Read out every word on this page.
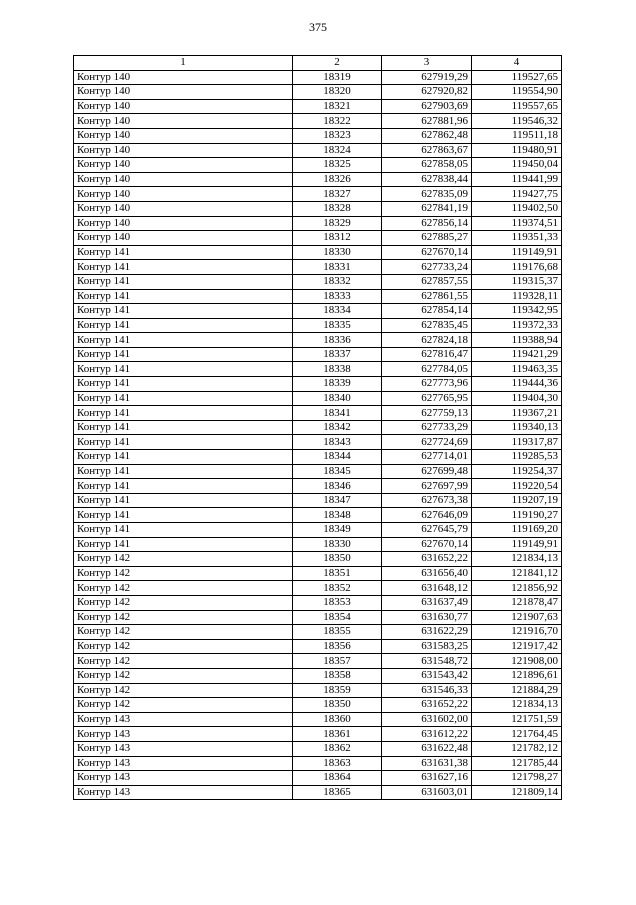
375
1	2	3	4
Контур 140	18319	627919,29	119527,65
Контур 140	18320	627920,82	119554,90
Контур 140	18321	627903,69	119557,65
Контур 140	18322	627881,96	119546,32
Контур 140	18323	627862,48	119511,18
Контур 140	18324	627863,67	119480,91
Контур 140	18325	627858,05	119450,04
Контур 140	18326	627838,44	119441,99
Контур 140	18327	627835,09	119427,75
Контур 140	18328	627841,19	119402,50
Контур 140	18329	627856,14	119374,51
Контур 140	18312	627885,27	119351,33
Контур 141	18330	627670,14	119149,91
Контур 141	18331	627733,24	119176,68
Контур 141	18332	627857,55	119315,37
Контур 141	18333	627861,55	119328,11
Контур 141	18334	627854,14	119342,95
Контур 141	18335	627835,45	119372,33
Контур 141	18336	627824,18	119388,94
Контур 141	18337	627816,47	119421,29
Контур 141	18338	627784,05	119463,35
Контур 141	18339	627773,96	119444,36
Контур 141	18340	627765,95	119404,30
Контур 141	18341	627759,13	119367,21
Контур 141	18342	627733,29	119340,13
Контур 141	18343	627724,69	119317,87
Контур 141	18344	627714,01	119285,53
Контур 141	18345	627699,48	119254,37
Контур 141	18346	627697,99	119220,54
Контур 141	18347	627673,38	119207,19
Контур 141	18348	627646,09	119190,27
Контур 141	18349	627645,79	119169,20
Контур 141	18330	627670,14	119149,91
Контур 142	18350	631652,22	121834,13
Контур 142	18351	631656,40	121841,12
Контур 142	18352	631648,12	121856,92
Контур 142	18353	631637,49	121878,47
Контур 142	18354	631630,77	121907,63
Контур 142	18355	631622,29	121916,70
Контур 142	18356	631583,25	121917,42
Контур 142	18357	631548,72	121908,00
Контур 142	18358	631543,42	121896,61
Контур 142	18359	631546,33	121884,29
Контур 142	18350	631652,22	121834,13
Контур 143	18360	631602,00	121751,59
Контур 143	18361	631612,22	121764,45
Контур 143	18362	631622,48	121782,12
Контур 143	18363	631631,38	121785,44
Контур 143	18364	631627,16	121798,27
Контур 143	18365	631603,01	121809,14
